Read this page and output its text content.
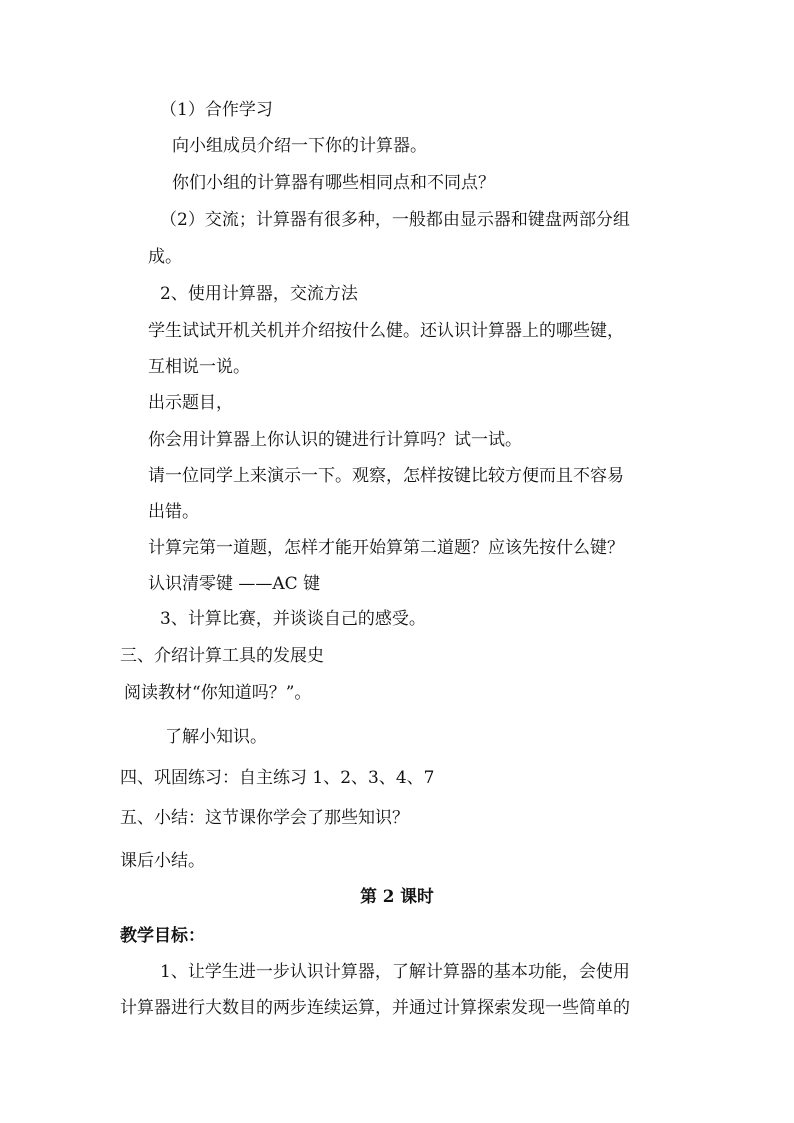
（1）合作学习
向小组成员介绍一下你的计算器。
你们小组的计算器有哪些相同点和不同点？
（2）交流；计算器有很多种，一般都由显示器和键盘两部分组
成。
2、使用计算器，交流方法
学生试试开机关机并介绍按什么健。还认识计算器上的哪些键，
互相说一说。
出示题目，
你会用计算器上你认识的键进行计算吗？试一试。
请一位同学上来演示一下。观察，怎样按键比较方便而且不容易
出错。
计算完第一道题，怎样才能开始算第二道题？应该先按什么键？
认识清零键 ——AC 键
3、计算比赛，并谈谈自己的感受。
三、介绍计算工具的发展史
阅读教材“你知道吗？”。
了解小知识。
四、巩固练习：自主练习 1、2、3、4、7
五、小结：这节课你学会了那些知识？
课后小结。
第 2 课时
教学目标：
1、让学生进一步认识计算器，了解计算器的基本功能，会使用
计算器进行大数目的两步连续运算，并通过计算探索发现一些简单的
